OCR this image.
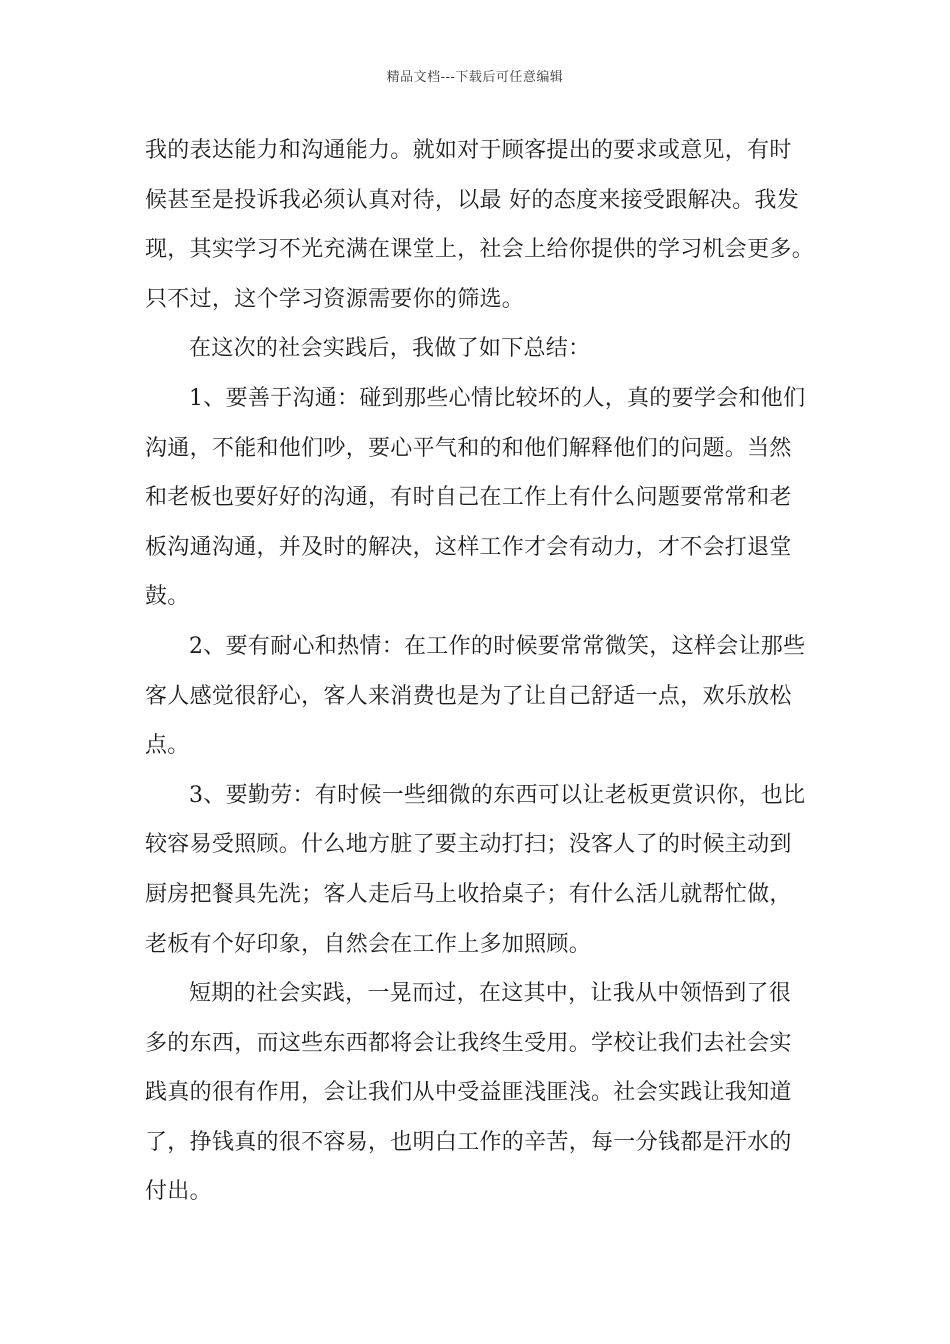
精品文档---下载后可任意编辑
我的表达能力和沟通能力。就如对于顾客提出的要求或意见，有时
候甚至是投诉我必须认真对待，以最 好的态度来接受跟解决。我发
现，其实学习不光充满在课堂上，社会上给你提供的学习机会更多。
只不过，这个学习资源需要你的筛选。
在这次的社会实践后，我做了如下总结：
1、要善于沟通：碰到那些心情比较坏的人，真的要学会和他们
沟通，不能和他们吵，要心平气和的和他们解释他们的问题。当然
和老板也要好好的沟通，有时自己在工作上有什么问题要常常和老
板沟通沟通，并及时的解决，这样工作才会有动力，才不会打退堂
鼓。
2、要有耐心和热情：在工作的时候要常常微笑，这样会让那些
客人感觉很舒心，客人来消费也是为了让自己舒适一点，欢乐放松
点。
3、要勤劳：有时候一些细微的东西可以让老板更赏识你，也比
较容易受照顾。什么地方脏了要主动打扫；没客人了的时候主动到
厨房把餐具先洗；客人走后马上收拾桌子；有什么活儿就帮忙做，
老板有个好印象，自然会在工作上多加照顾。
短期的社会实践，一晃而过，在这其中，让我从中领悟到了很
多的东西，而这些东西都将会让我终生受用。学校让我们去社会实
践真的很有作用，会让我们从中受益匪浅匪浅。社会实践让我知道
了，挣钱真的很不容易，也明白工作的辛苦，每一分钱都是汗水的
付出。
